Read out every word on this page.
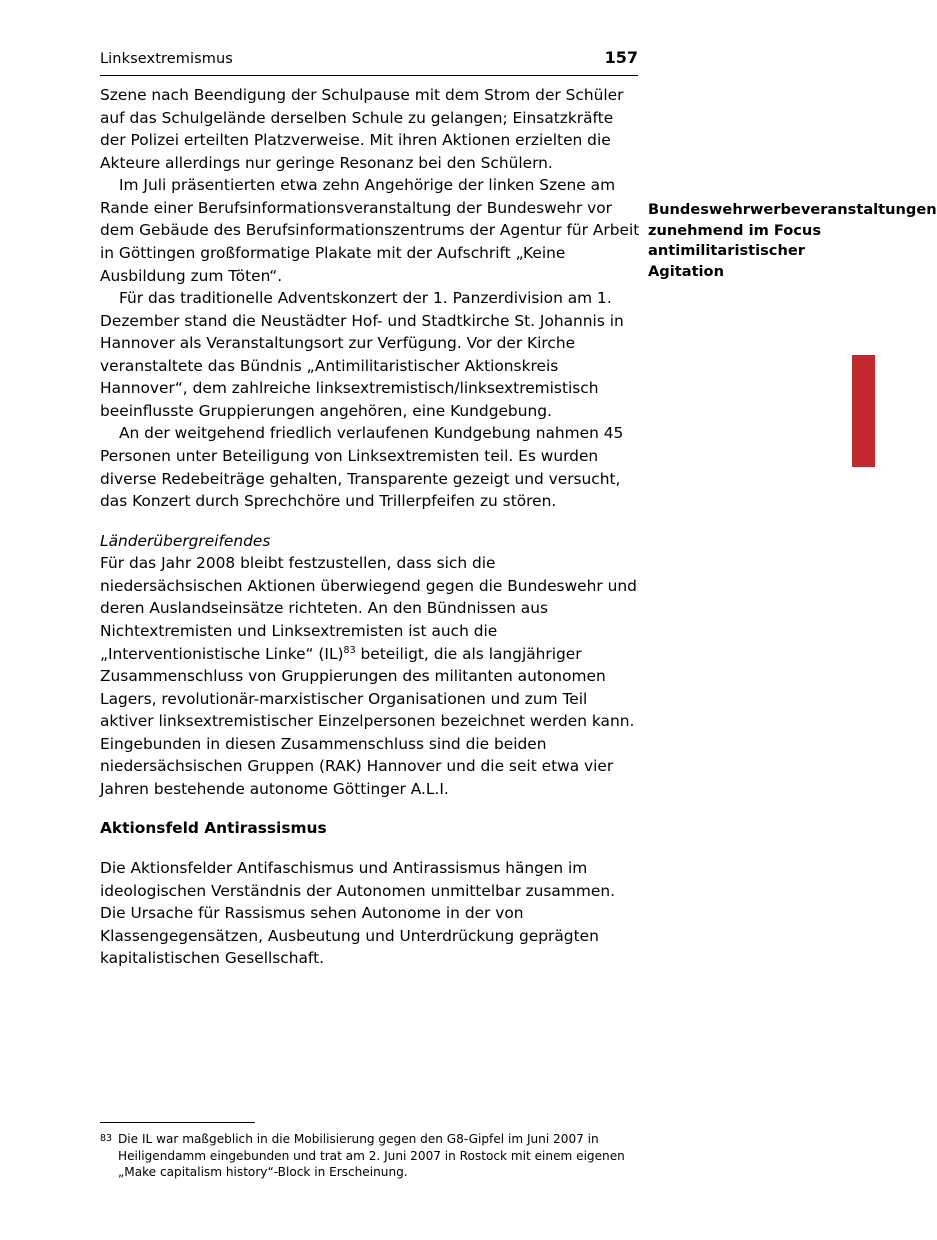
Linksextremismus	157

Szene nach Beendigung der Schulpause mit dem Strom der Schüler auf das Schulgelände derselben Schule zu gelangen; Einsatzkräfte der Polizei erteilten Platzverweise. Mit ihren Aktionen erzielten die Akteure allerdings nur geringe Resonanz bei den Schülern.

Im Juli präsentierten etwa zehn Angehörige der linken Szene am Rande einer Berufsinformationsveranstaltung der Bundeswehr vor dem Gebäude des Berufsinformationszentrums der Agentur für Arbeit in Göttingen großformatige Plakate mit der Aufschrift „Keine Ausbildung zum Töten“.

Für das traditionelle Adventskonzert der 1. Panzerdivision am 1. Dezember stand die Neustädter Hof- und Stadtkirche St. Johannis in Hannover als Veranstaltungsort zur Verfügung. Vor der Kirche veranstaltete das Bündnis „Antimilitaristischer Aktionskreis Hannover“, dem zahlreiche linksextremistisch/linksextremistisch beeinflusste Gruppierungen angehören, eine Kundgebung.

An der weitgehend friedlich verlaufenen Kundgebung nahmen 45 Personen unter Beteiligung von Linksextremisten teil. Es wurden diverse Redebeiträge gehalten, Transparente gezeigt und versucht, das Konzert durch Sprechchöre und Trillerpfeifen zu stören.

Länderübergreifendes

Für das Jahr 2008 bleibt festzustellen, dass sich die niedersächsischen Aktionen überwiegend gegen die Bundeswehr und deren Auslandseinsätze richteten. An den Bündnissen aus Nichtextremisten und Linksextremisten ist auch die „Interventionistische Linke“ (IL)$^{83}$ beteiligt, die als langjähriger Zusammenschluss von Gruppierungen des militanten autonomen Lagers, revolutionär-marxistischer Organisationen und zum Teil aktiver linksextremistischer Einzelpersonen bezeichnet werden kann. Eingebunden in diesen Zusammenschluss sind die beiden niedersächsischen Gruppen (RAK) Hannover und die seit etwa vier Jahren bestehende autonome Göttinger A.L.I.

Aktionsfeld Antirassismus

Die Aktionsfelder Antifaschismus und Antirassismus hängen im ideologischen Verständnis der Autonomen unmittelbar zusammen. Die Ursache für Rassismus sehen Autonome in der von Klassengegensätzen, Ausbeutung und Unterdrückung geprägten kapitalistischen Gesellschaft.

Bundeswehrwerbeveranstaltungen zunehmend im Focus antimilitaristischer Agitation
83 Die IL war maßgeblich in die Mobilisierung gegen den G8-Gipfel im Juni 2007 in Heiligendamm eingebunden und trat am 2. Juni 2007 in Rostock mit einem eigenen „Make capitalism history“-Block in Erscheinung.
